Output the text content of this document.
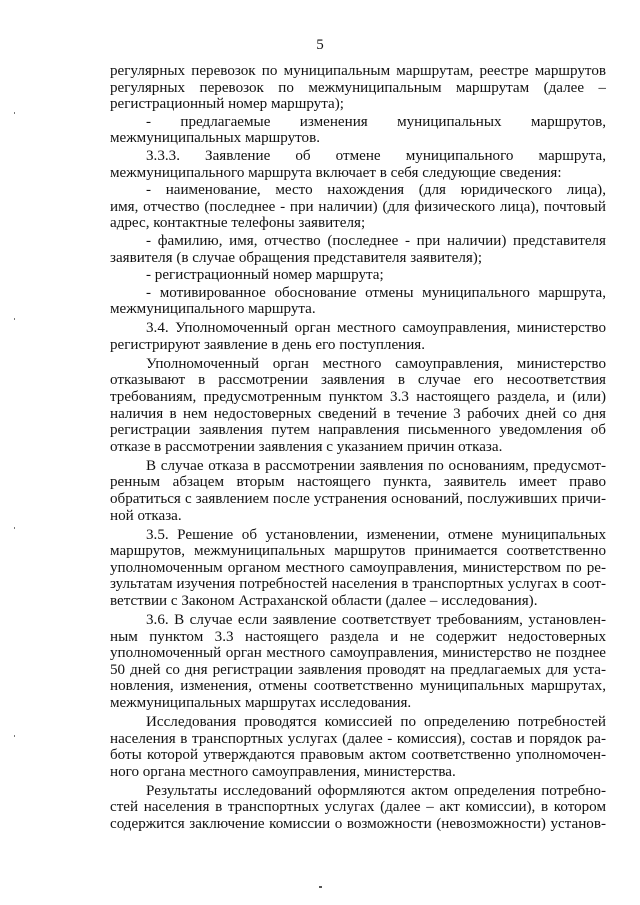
5
регулярных перевозок по муниципальным маршрутам, реестре маршрутов
регулярных перевозок по межмуниципальным маршрутам (далее –
регистрационный номер маршрута);
- предлагаемые изменения муниципальных маршрутов,
межмуниципальных маршрутов.
3.3.3. Заявление об отмене муниципального маршрута,
межмуниципального маршрута включает в себя следующие сведения:
- наименование, место нахождения (для юридического лица),
имя, отчество (последнее - при наличии) (для физического лица), почтовый
адрес, контактные телефоны заявителя;
- фамилию, имя, отчество (последнее - при наличии) представителя
заявителя (в случае обращения представителя заявителя);
- регистрационный номер маршрута;
- мотивированное обоснование отмены муниципального маршрута,
межмуниципального маршрута.
3.4. Уполномоченный орган местного самоуправления, министерство
регистрируют заявление в день его поступления.
Уполномоченный орган местного самоуправления, министерство
отказывают в рассмотрении заявления в случае его несоответствия
требованиям, предусмотренным пунктом 3.3 настоящего раздела, и (или)
наличия в нем недостоверных сведений в течение 3 рабочих дней со дня
регистрации заявления путем направления письменного уведомления об
отказе в рассмотрении заявления с указанием причин отказа.
В случае отказа в рассмотрении заявления по основаниям, предусмот-
ренным абзацем вторым настоящего пункта, заявитель имеет право
обратиться с заявлением после устранения оснований, послуживших причи-
ной отказа.
3.5. Решение об установлении, изменении, отмене муниципальных
маршрутов, межмуниципальных маршрутов принимается соответственно
уполномоченным органом местного самоуправления, министерством по ре-
зультатам изучения потребностей населения в транспортных услугах в соот-
ветствии с Законом Астраханской области (далее – исследования).
3.6. В случае если заявление соответствует требованиям, установлен-
ным пунктом 3.3 настоящего раздела и не содержит недостоверных
уполномоченный орган местного самоуправления, министерство не позднее
50 дней со дня регистрации заявления проводят на предлагаемых для уста-
новления, изменения, отмены соответственно муниципальных маршрутах,
межмуниципальных маршрутах исследования.
Исследования проводятся комиссией по определению потребностей
населения в транспортных услугах (далее - комиссия), состав и порядок ра-
боты которой утверждаются правовым актом соответственно уполномочен-
ного органа местного самоуправления, министерства.
Результаты исследований оформляются актом определения потребно-
стей населения в транспортных услугах (далее – акт комиссии), в котором
содержится заключение комиссии о возможности (невозможности) установ-
